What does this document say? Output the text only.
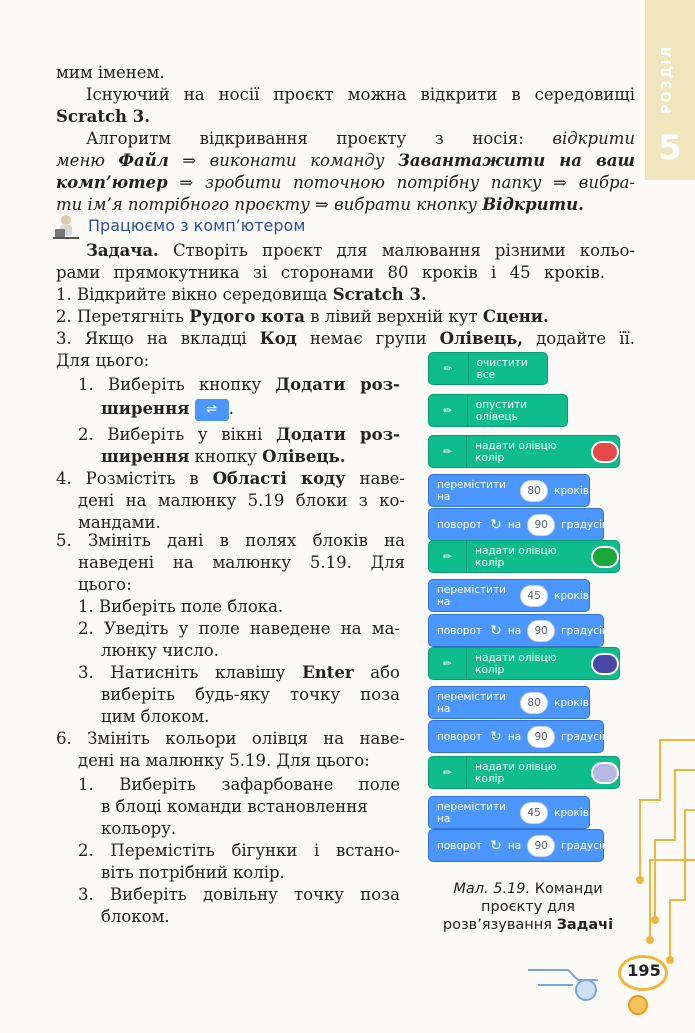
РОЗДІЛ
5
мим іменем.
Існуючий на носії проєкт можна відкрити в середовищі
Scratch 3.
Алгоритм відкривання проєкту з носія: відкрити
меню Файл ⇒ виконати команду Завантажити на ваш
комп’ютер ⇒ зробити поточною потрібну папку ⇒ вибра-
ти ім’я потрібного проєкту ⇒ вибрати кнопку Відкрити.
Працюємо з комп’ютером
Задача. Створіть проєкт для малювання різними кольо-
рами прямокутника зі сторонами 80 кроків і 45 кроків.
1. Відкрийте вікно середовища Scratch 3.
2. Перетягніть Рудого кота в лівий верхній кут Сцени.
3. Якщо на вкладці Код немає групи Олівець, додайте її.
Для цього:
1. Виберіть кнопку Додати роз-
ширення ⇌ .
2. Виберіть у вікні Додати роз-
ширення кнопку Олівець.
4. Розмістіть в Області коду наве-
дені на малюнку 5.19 блоки з ко-
мандами.
5. Змініть дані в полях блоків на
наведені на малюнку 5.19. Для
цього:
1. Виберіть поле блока.
2. Уведіть у поле наведене на ма-
люнку число.
3. Натисніть клавішу Enter або
виберіть будь-яку точку поза
цим блоком.
6. Змініть кольори олівця на наве-
дені на малюнку 5.19. Для цього:
1. Виберіть зафарбоване поле
в блоці команди встановлення
кольору.
2. Перемістіть бігунки і встано-
віть потрібний колір.
3. Виберіть довільну точку поза
блоком.
✏	очистити все
✏	опустити олівець
✏	надати олівцю колір
перемістити на	80	кроків
поворот ↻ на	90	градусів
✏	надати олівцю колір
перемістити на	45	кроків
поворот ↻ на	90	градусів
✏	надати олівцю колір
перемістити на	80	кроків
поворот ↻ на	90	градусів
✏	надати олівцю колір
перемістити на	45	кроків
поворот ↻ на	90	градусів
Мал. 5.19. Команди
проєкту для
розв’язування Задачі
195
